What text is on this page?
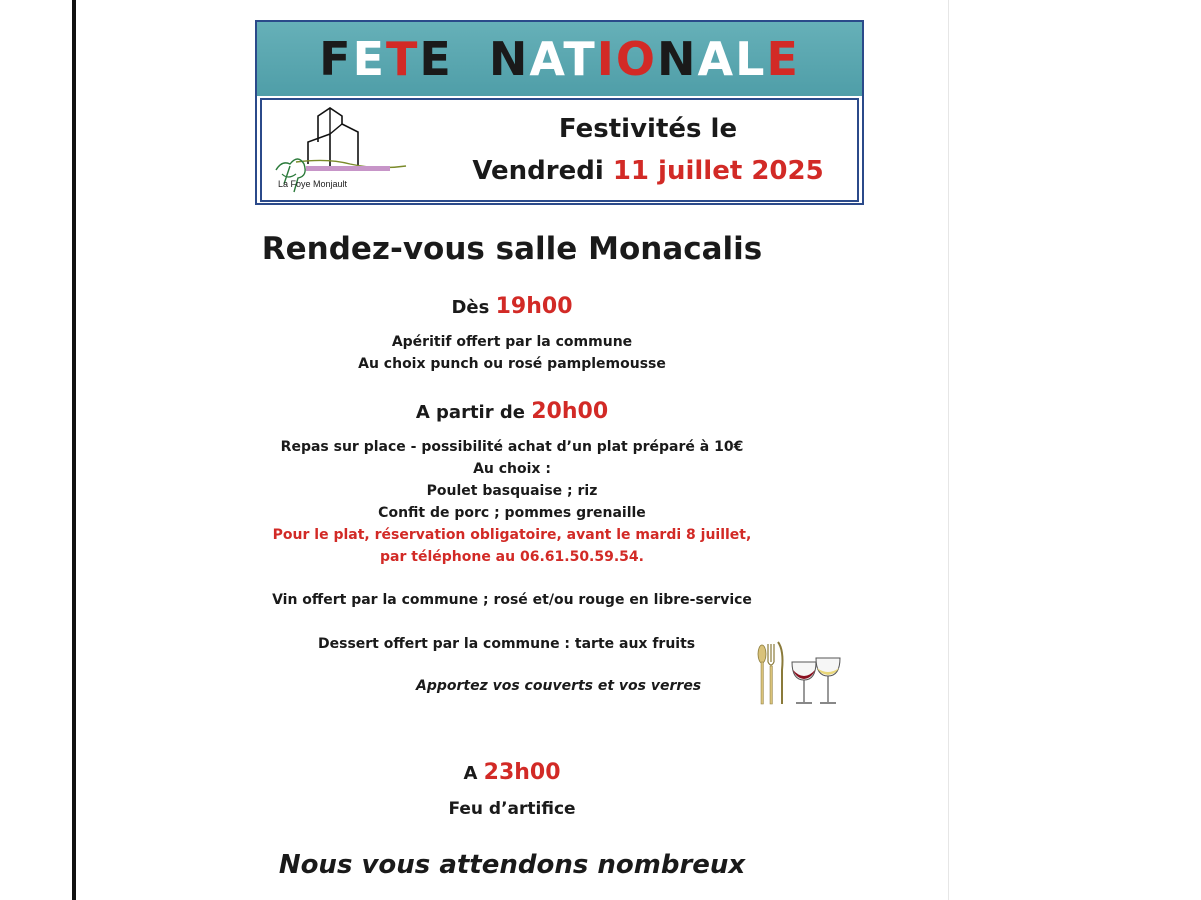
FETE NATIONALE
La Foye Monjault
Festivités le
Vendredi 11 juillet 2025
Rendez-vous salle Monacalis
Dès 19h00
Apéritif offert par la commune
Au choix punch ou rosé pamplemousse
A partir de 20h00
Repas sur place - possibilité achat d’un plat préparé à 10€
Au choix :
Poulet basquaise ; riz
Confit de porc ; pommes grenaille
Pour le plat, réservation obligatoire, avant le mardi 8 juillet,
par téléphone au 06.61.50.59.54.
Vin offert par la commune ; rosé et/ou rouge en libre-service
Dessert offert par la commune : tarte aux fruits
Apportez vos couverts et vos verres
A 23h00
Feu d’artifice
Nous vous attendons nombreux
